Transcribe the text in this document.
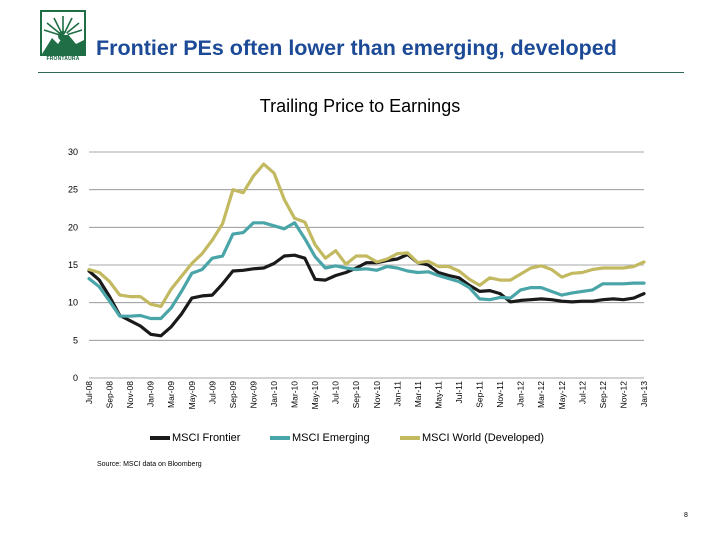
FRONTAURA Frontier PEs often lower than emerging, developed
Trailing Price to Earnings
0
5
10
15
20
25
30
Jul-08 Sep-08 Nov-08 Jan-09 Mar-09 May-09 Jul-09 Sep-09 Nov-09 Jan-10 Mar-10 May-10 Jul-10 Sep-10 Nov-10 Jan-11 Mar-11 May-11 Jul-11 Sep-11 Nov-11 Jan-12 Mar-12 May-12 Jul-12 Sep-12 Nov-12 Jan-13
MSCI Frontier	MSCI Emerging	MSCI World (Developed)
Source: MSCI data on Bloomberg
8
